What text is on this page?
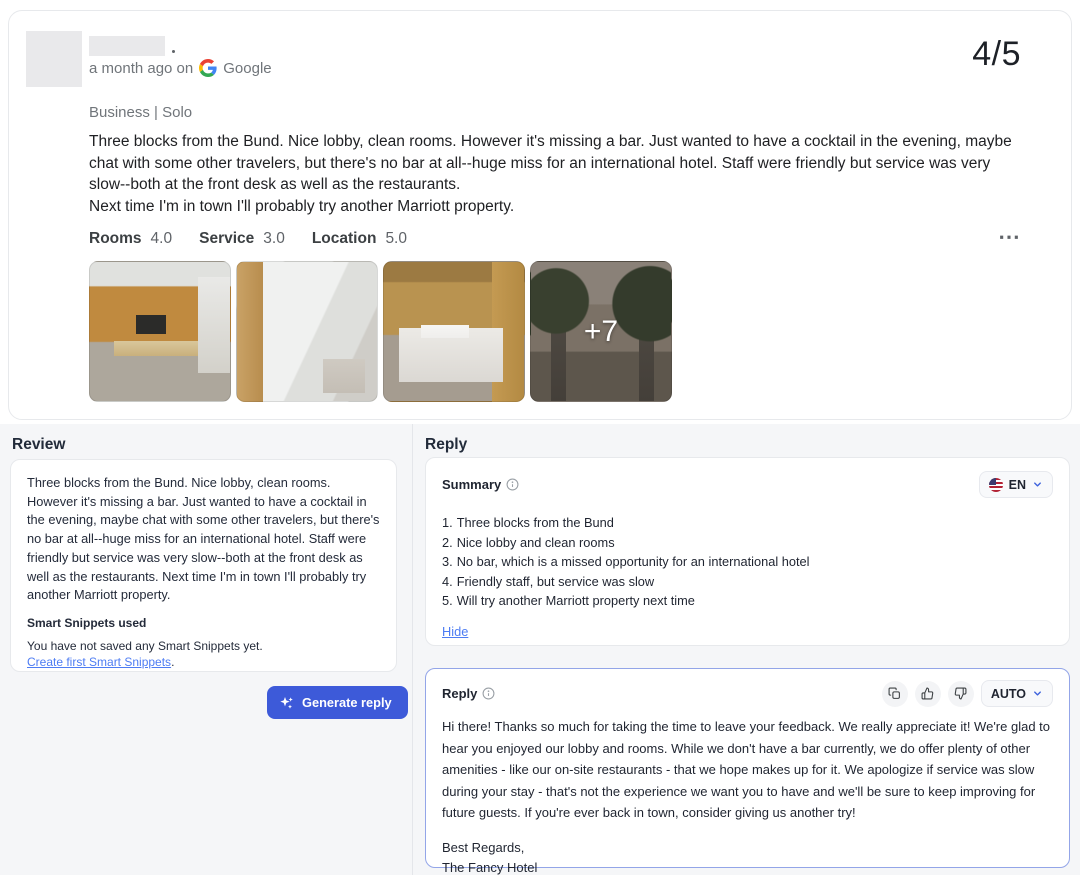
a month ago on Google	4/5
Business | Solo
Three blocks from the Bund. Nice lobby, clean rooms. However it's missing a bar. Just wanted to have a cocktail in the evening, maybe chat with some other travelers, but there's no bar at all--huge miss for an international hotel. Staff were friendly but service was very slow--both at the front desk as well as the restaurants.
Next time I'm in town I'll probably try another Marriott property.
Rooms 4.0 Service 3.0 Location 5.0	⋯
+7
Review
Three blocks from the Bund. Nice lobby, clean rooms. However it's missing a bar. Just wanted to have a cocktail in the evening, maybe chat with some other travelers, but there's no bar at all--huge miss for an international hotel. Staff were friendly but service was very slow--both at the front desk as well as the restaurants. Next time I'm in town I'll probably try another Marriott property.
Smart Snippets used
You have not saved any Smart Snippets yet.
Create first Smart Snippets.
Generate reply
Reply
Summary	EN
1. Three blocks from the Bund
2. Nice lobby and clean rooms
3. No bar, which is a missed opportunity for an international hotel
4. Friendly staff, but service was slow
5. Will try another Marriott property next time
Hide
Reply	AUTO
Hi there! Thanks so much for taking the time to leave your feedback. We really appreciate it! We're glad to hear you enjoyed our lobby and rooms. While we don't have a bar currently, we do offer plenty of other amenities - like our on-site restaurants - that we hope makes up for it. We apologize if service was slow during your stay - that's not the experience we want you to have and we'll be sure to keep improving for future guests. If you're ever back in town, consider giving us another try!
Best Regards,
The Fancy Hotel
